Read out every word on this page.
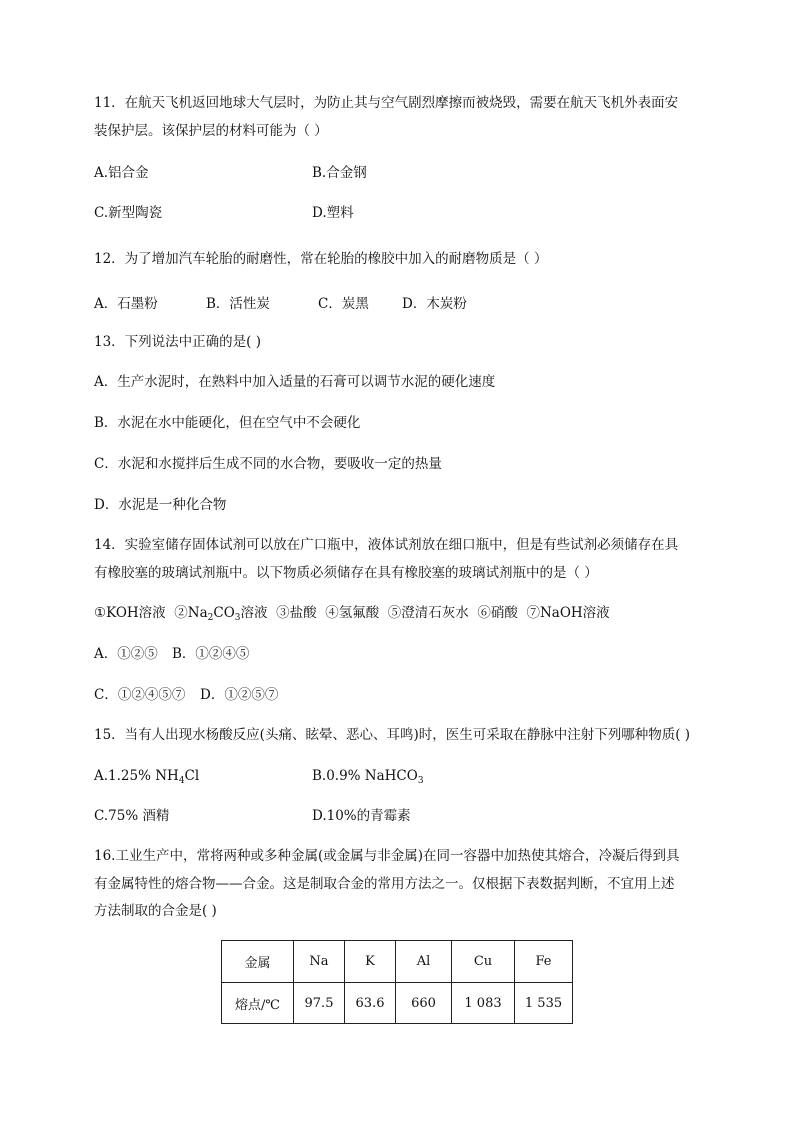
11．在航天飞机返回地球大气层时，为防止其与空气剧烈摩擦而被烧毁，需要在航天飞机外表面安
装保护层。该保护层的材料可能为（ ）
A.铝合金	B.合金钢
C.新型陶瓷	D.塑料
12．为了增加汽车轮胎的耐磨性，常在轮胎的橡胶中加入的耐磨物质是（ ）
A．石墨粉	B．活性炭	C．炭黑 D．木炭粉
13．下列说法中正确的是( )
A．生产水泥时，在熟料中加入适量的石膏可以调节水泥的硬化速度
B．水泥在水中能硬化，但在空气中不会硬化
C．水泥和水搅拌后生成不同的水合物，要吸收一定的热量
D．水泥是一种化合物
14．实验室储存固体试剂可以放在广口瓶中，液体试剂放在细口瓶中，但是有些试剂必须储存在具
有橡胶塞的玻璃试剂瓶中。以下物质必须储存在具有橡胶塞的玻璃试剂瓶中的是（ ）
①KOH溶液 $②Na_2CO_3$溶液 ③盐酸 ④氢氟酸 ⑤澄清石灰水 ⑥硝酸 ⑦NaOH溶液
A．①②⑤ B．①②④⑤
C．①②④⑤⑦ D．①②⑤⑦
15．当有人出现水杨酸反应(头痛、眩晕、恶心、耳鸣)时，医生可采取在静脉中注射下列哪种物质( )
A.1.25% $NH_4Cl$	B.0.9% NaHCO$_3$
C.75% 酒精	D.10%的青霉素
16.工业生产中，常将两种或多种金属(或金属与非金属)在同一容器中加热使其熔合，冷凝后得到具
有金属特性的熔合物——合金。这是制取合金的常用方法之一。仅根据下表数据判断，不宜用上述
方法制取的合金是( )
金属	Na	K	Al	Cu	Fe
熔点/℃	97.5	63.6	660	1 083	1 535
